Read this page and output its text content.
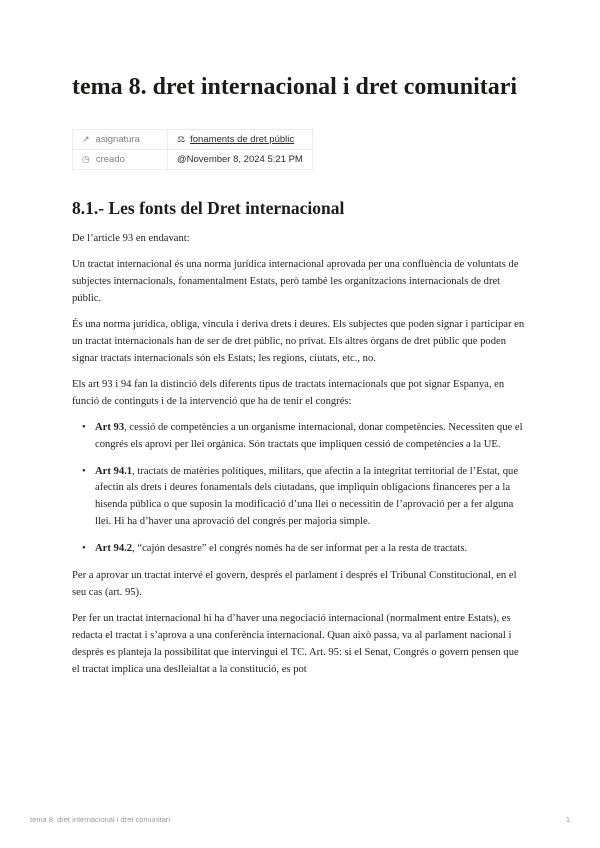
tema 8. dret internacional i dret comunitari
↗ asignatura	⚖ fonaments de dret públic
◷ creado	@November 8, 2024 5:21 PM
8.1.- Les fonts del Dret internacional

De l’article 93 en endavant:

Un tractat internacional és una norma jurídica internacional aprovada per una confluència de voluntats de subjectes internacionals, fonamentalment Estats, però també les organitzacions internacionals de dret públic.

És una norma jurídica, obliga, vincula i deriva drets i deures. Els subjectes que poden signar i participar en un tractat internacionals han de ser de dret públic, no privat. Els altres òrgans de dret públic que poden signar tractats internacionals són els Estats; les regions, ciutats, etc., no.

Els art 93 i 94 fan la distinció dels diferents tipus de tractats internacionals que pot signar Espanya, en funció de continguts i de la intervenció que ha de tenir el congrés:

• Art 93, cessió de competències a un organisme internacional, donar competències. Necessiten que el congrés els aprovi per llei orgànica. Són tractats que impliquen cessió de competències a la UE.
• Art 94.1, tractats de matèries polítiques, militars, que afectin a la integritat territorial de l’Estat, que afectin als drets i deures fonamentals dels ciutadans, que impliquin obligacions financeres per a la hisenda pública o que suposin la modificació d’una llei o necessitin de l’aprovació per a fer alguna llei. Hi ha d’haver una aprovació del congrés per majoria simple.
• Art 94.2, “cajón desastre” el congrés només ha de ser informat per a la resta de tractats.

Per a aprovar un tractat intervé el govern, després el parlament i després el Tribunal Constitucional, en el seu cas (art. 95).

Per fer un tractat internacional hi ha d’haver una negociació internacional (normalment entre Estats), es redacta el tractat i s’aprova a una conferència internacional. Quan això passa, va al parlament nacional i després es planteja la possibilitat que intervingui el TC. Art. 95: si el Senat, Congrés o govern pensen que el tractat implica una deslleialtat a la constitució, es pot

tema 8. dret internacional i dret comunitari	1
